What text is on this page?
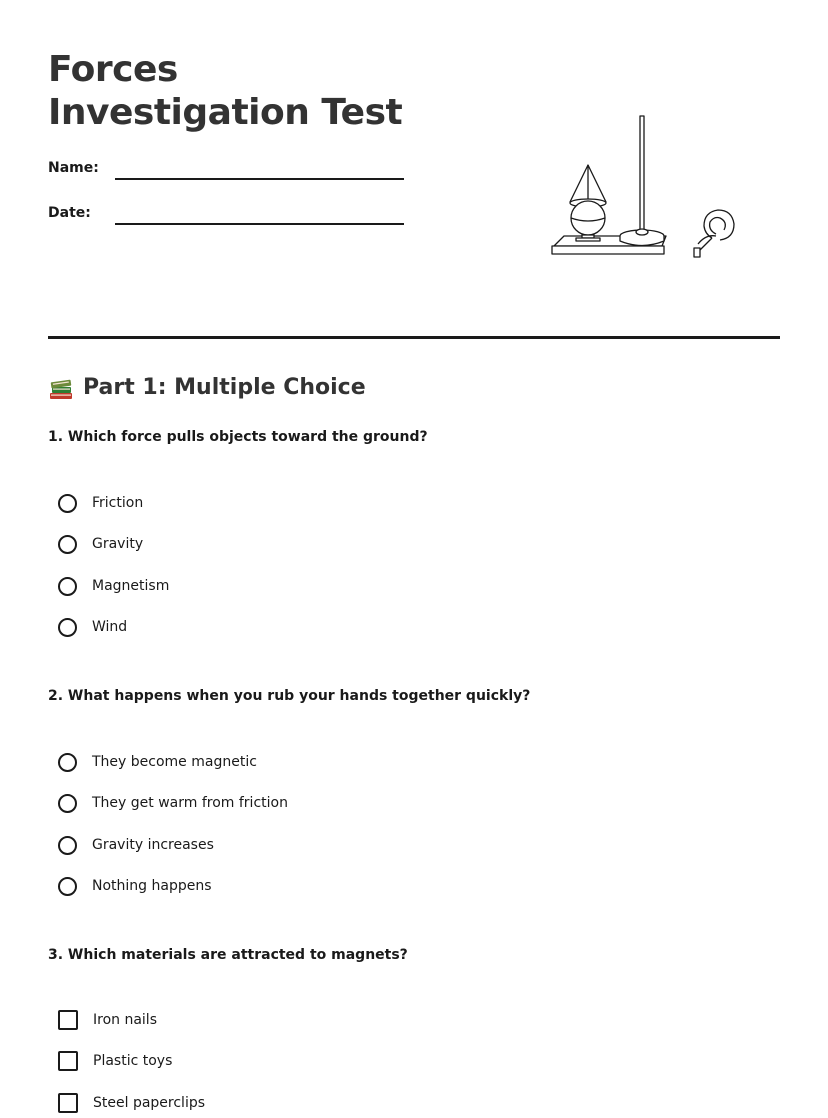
Forces Investigation Test
Name:
Date:
Part 1: Multiple Choice

1. Which force pulls objects toward the ground?

Friction
Gravity
Magnetism
Wind

2. What happens when you rub your hands together quickly?

They become magnetic
They get warm from friction
Gravity increases
Nothing happens

3. Which materials are attracted to magnets?

Iron nails
Plastic toys
Steel paperclips
